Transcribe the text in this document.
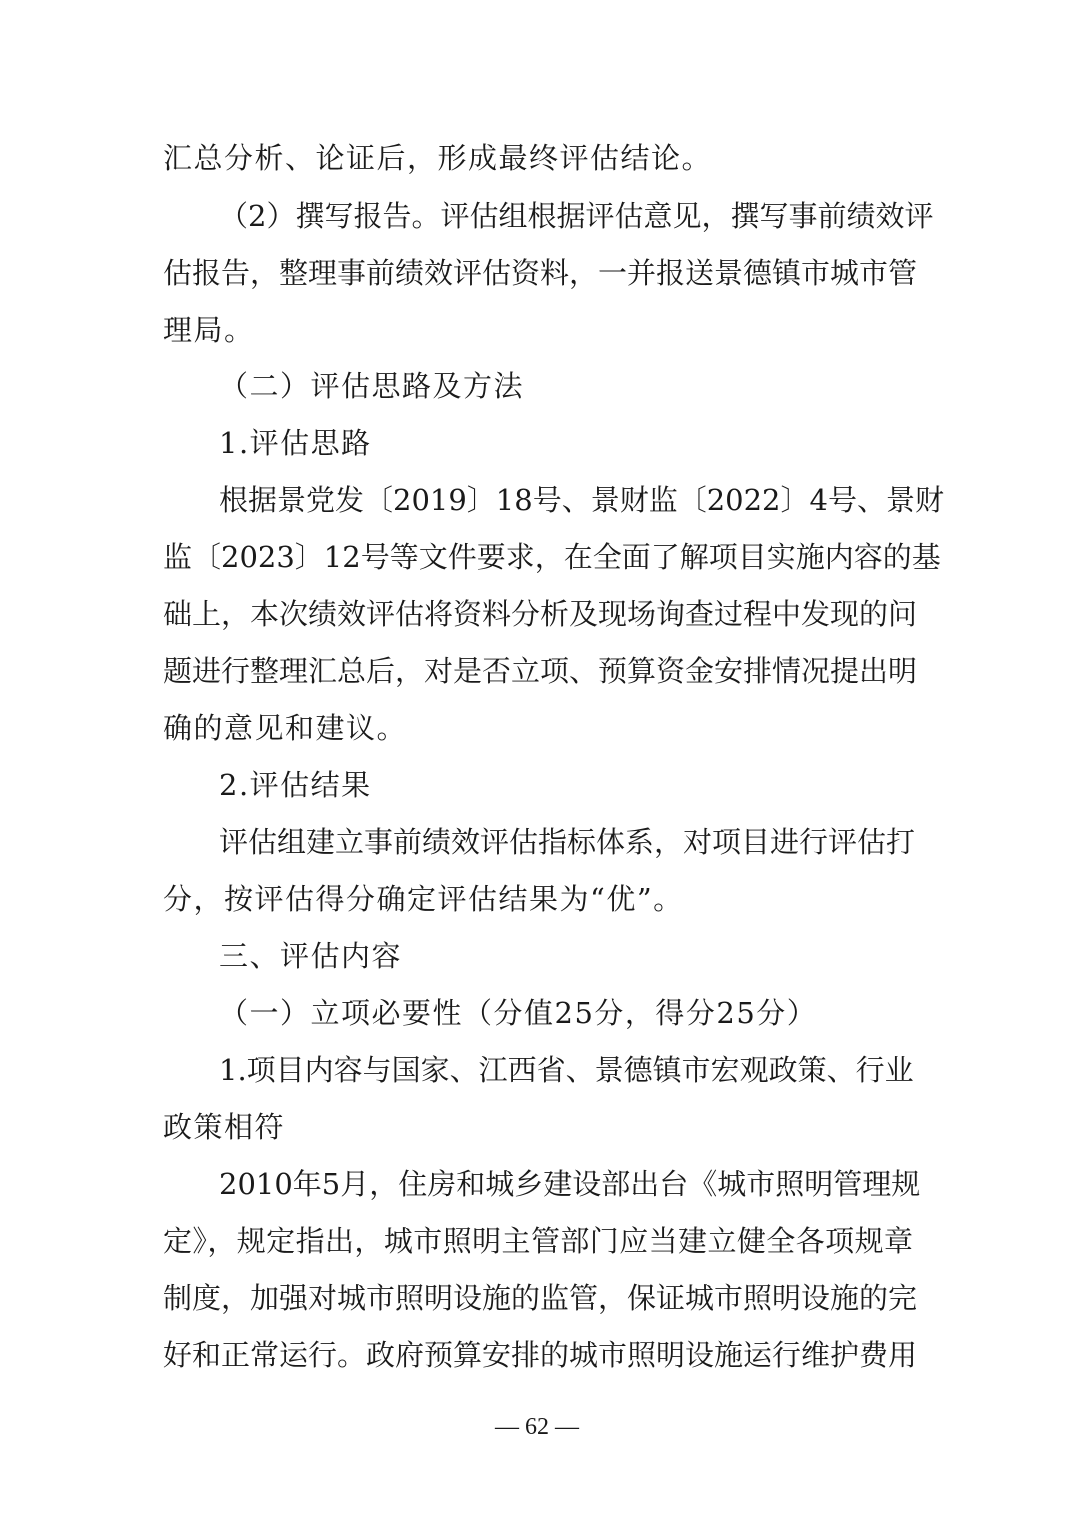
汇总分析、论证后，形成最终评估结论。
（2）撰写报告。评估组根据评估意见，撰写事前绩效评
估报告，整理事前绩效评估资料，一并报送景德镇市城市管
理局。
（二）评估思路及方法
1.评估思路
根据景党发〔2019〕18号、景财监〔2022〕4号、景财
监〔2023〕12号等文件要求，在全面了解项目实施内容的基
础上，本次绩效评估将资料分析及现场询查过程中发现的问
题进行整理汇总后，对是否立项、预算资金安排情况提出明
确的意见和建议。
2.评估结果
评估组建立事前绩效评估指标体系，对项目进行评估打
分，按评估得分确定评估结果为“优”。
三、评估内容
（一）立项必要性（分值25分，得分25分）
1.项目内容与国家、江西省、景德镇市宏观政策、行业
政策相符
2010年5月，住房和城乡建设部出台《城市照明管理规
定》，规定指出，城市照明主管部门应当建立健全各项规章
制度，加强对城市照明设施的监管，保证城市照明设施的完
好和正常运行。政府预算安排的城市照明设施运行维护费用
— 62 —
